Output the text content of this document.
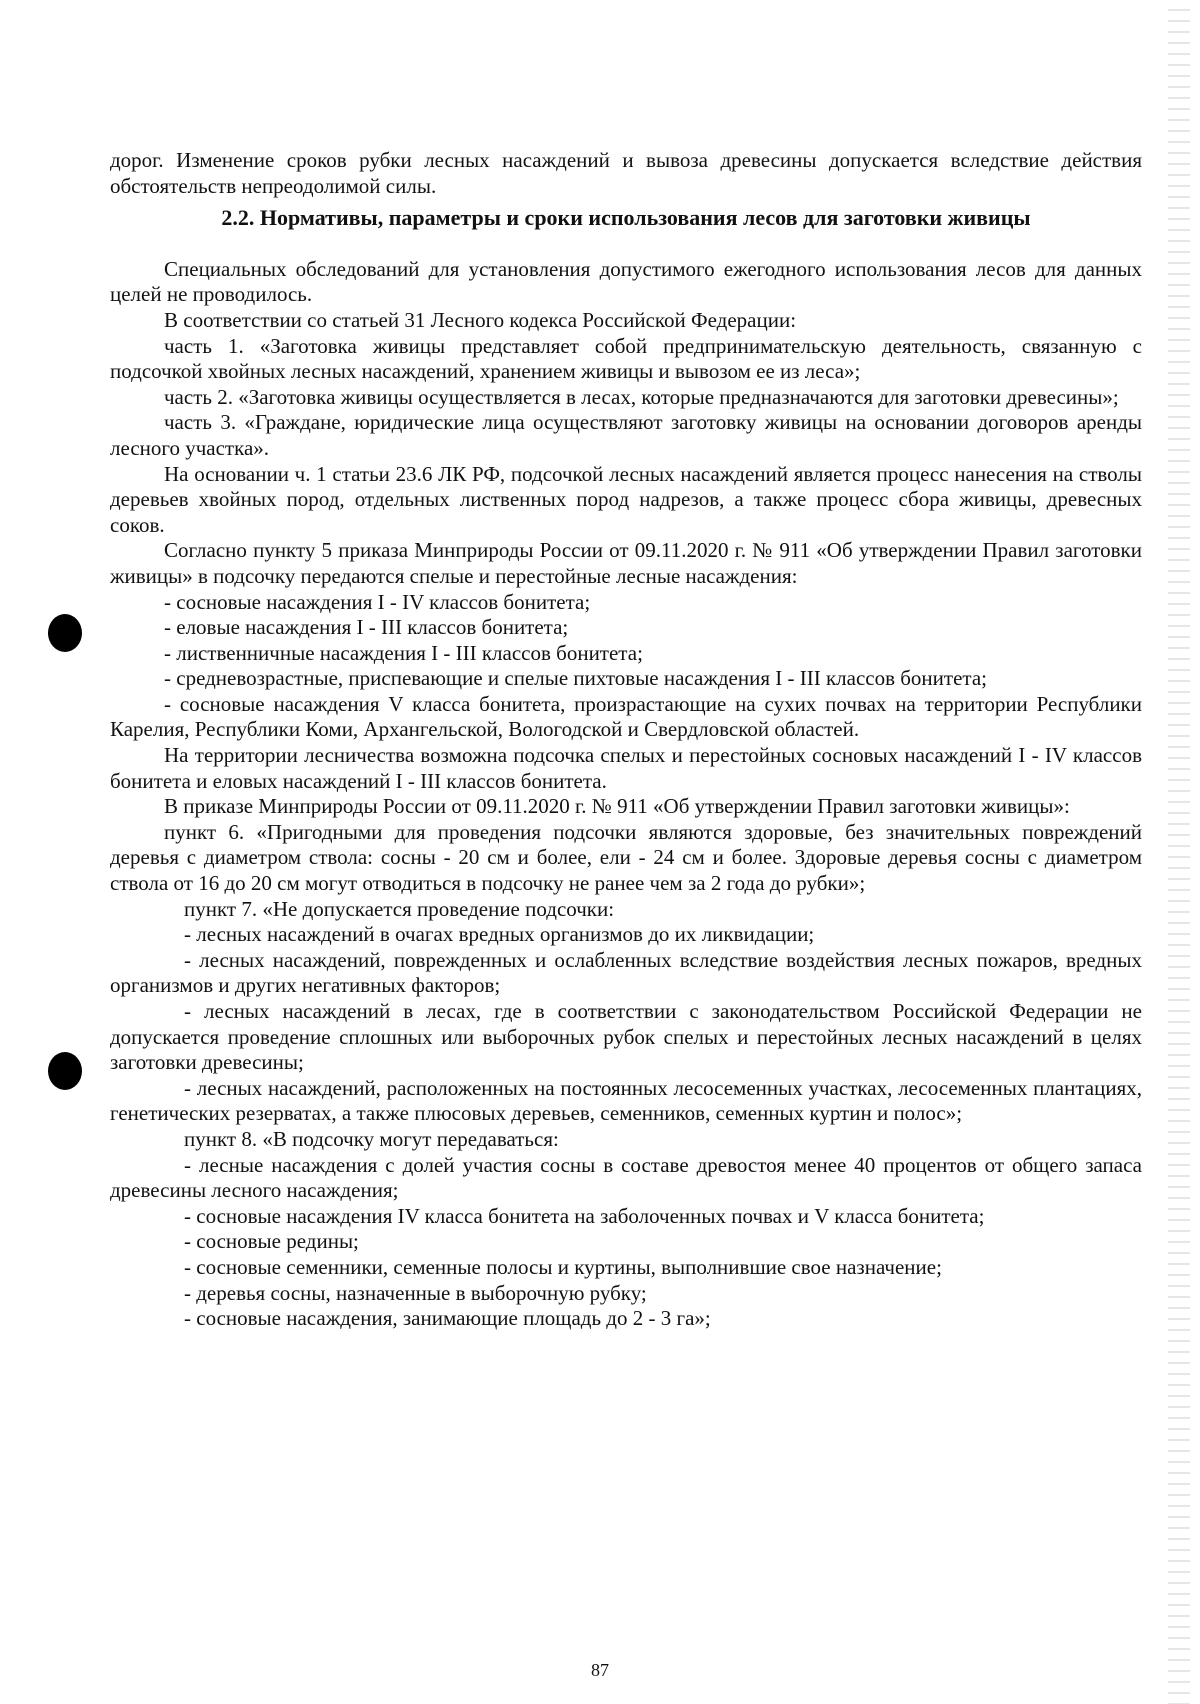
дорог. Изменение сроков рубки лесных насаждений и вывоза древесины допускается вследствие действия обстоятельств непреодолимой силы.

2.2. Нормативы, параметры и сроки использования лесов для заготовки живицы

Специальных обследований для установления допустимого ежегодного использования лесов для данных целей не проводилось.

В соответствии со статьей 31 Лесного кодекса Российской Федерации:

часть 1. «Заготовка живицы представляет собой предпринимательскую деятельность, связанную с подсочкой хвойных лесных насаждений, хранением живицы и вывозом ее из леса»;

часть 2. «Заготовка живицы осуществляется в лесах, которые предназначаются для заготовки древесины»;

часть 3. «Граждане, юридические лица осуществляют заготовку живицы на основании договоров аренды лесного участка».

На основании ч. 1 статьи 23.6 ЛК РФ, подсочкой лесных насаждений является процесс нанесения на стволы деревьев хвойных пород, отдельных лиственных пород надрезов, а также процесс сбора живицы, древесных соков.

Согласно пункту 5 приказа Минприроды России от 09.11.2020 г. № 911 «Об утверждении Правил заготовки живицы» в подсочку передаются спелые и перестойные лесные насаждения:

- сосновые насаждения I - IV классов бонитета;

- еловые насаждения I - III классов бонитета;

- лиственничные насаждения I - III классов бонитета;

- средневозрастные, приспевающие и спелые пихтовые насаждения I - III классов бонитета;

- сосновые насаждения V класса бонитета, произрастающие на сухих почвах на территории Республики Карелия, Республики Коми, Архангельской, Вологодской и Свердловской областей.

На территории лесничества возможна подсочка спелых и перестойных сосновых насаждений I - IV классов бонитета и еловых насаждений I - III классов бонитета.

В приказе Минприроды России от 09.11.2020 г. № 911 «Об утверждении Правил заготовки живицы»:

пункт 6. «Пригодными для проведения подсочки являются здоровые, без значительных повреждений деревья с диаметром ствола: сосны - 20 см и более, ели - 24 см и более. Здоровые деревья сосны с диаметром ствола от 16 до 20 см могут отводиться в подсочку не ранее чем за 2 года до рубки»;

пункт 7. «Не допускается проведение подсочки:

- лесных насаждений в очагах вредных организмов до их ликвидации;

- лесных насаждений, поврежденных и ослабленных вследствие воздействия лесных пожаров, вредных организмов и других негативных факторов;

- лесных насаждений в лесах, где в соответствии с законодательством Российской Федерации не допускается проведение сплошных или выборочных рубок спелых и перестойных лесных насаждений в целях заготовки древесины;

- лесных насаждений, расположенных на постоянных лесосеменных участках, лесосеменных плантациях, генетических резерватах, а также плюсовых деревьев, семенников, семенных куртин и полос»;

пункт 8. «В подсочку могут передаваться:

- лесные насаждения с долей участия сосны в составе древостоя менее 40 процентов от общего запаса древесины лесного насаждения;

- сосновые насаждения IV класса бонитета на заболоченных почвах и V класса бонитета;

- сосновые редины;

- сосновые семенники, семенные полосы и куртины, выполнившие свое назначение;

- деревья сосны, назначенные в выборочную рубку;

- сосновые насаждения, занимающие площадь до 2 - 3 га»;

87
